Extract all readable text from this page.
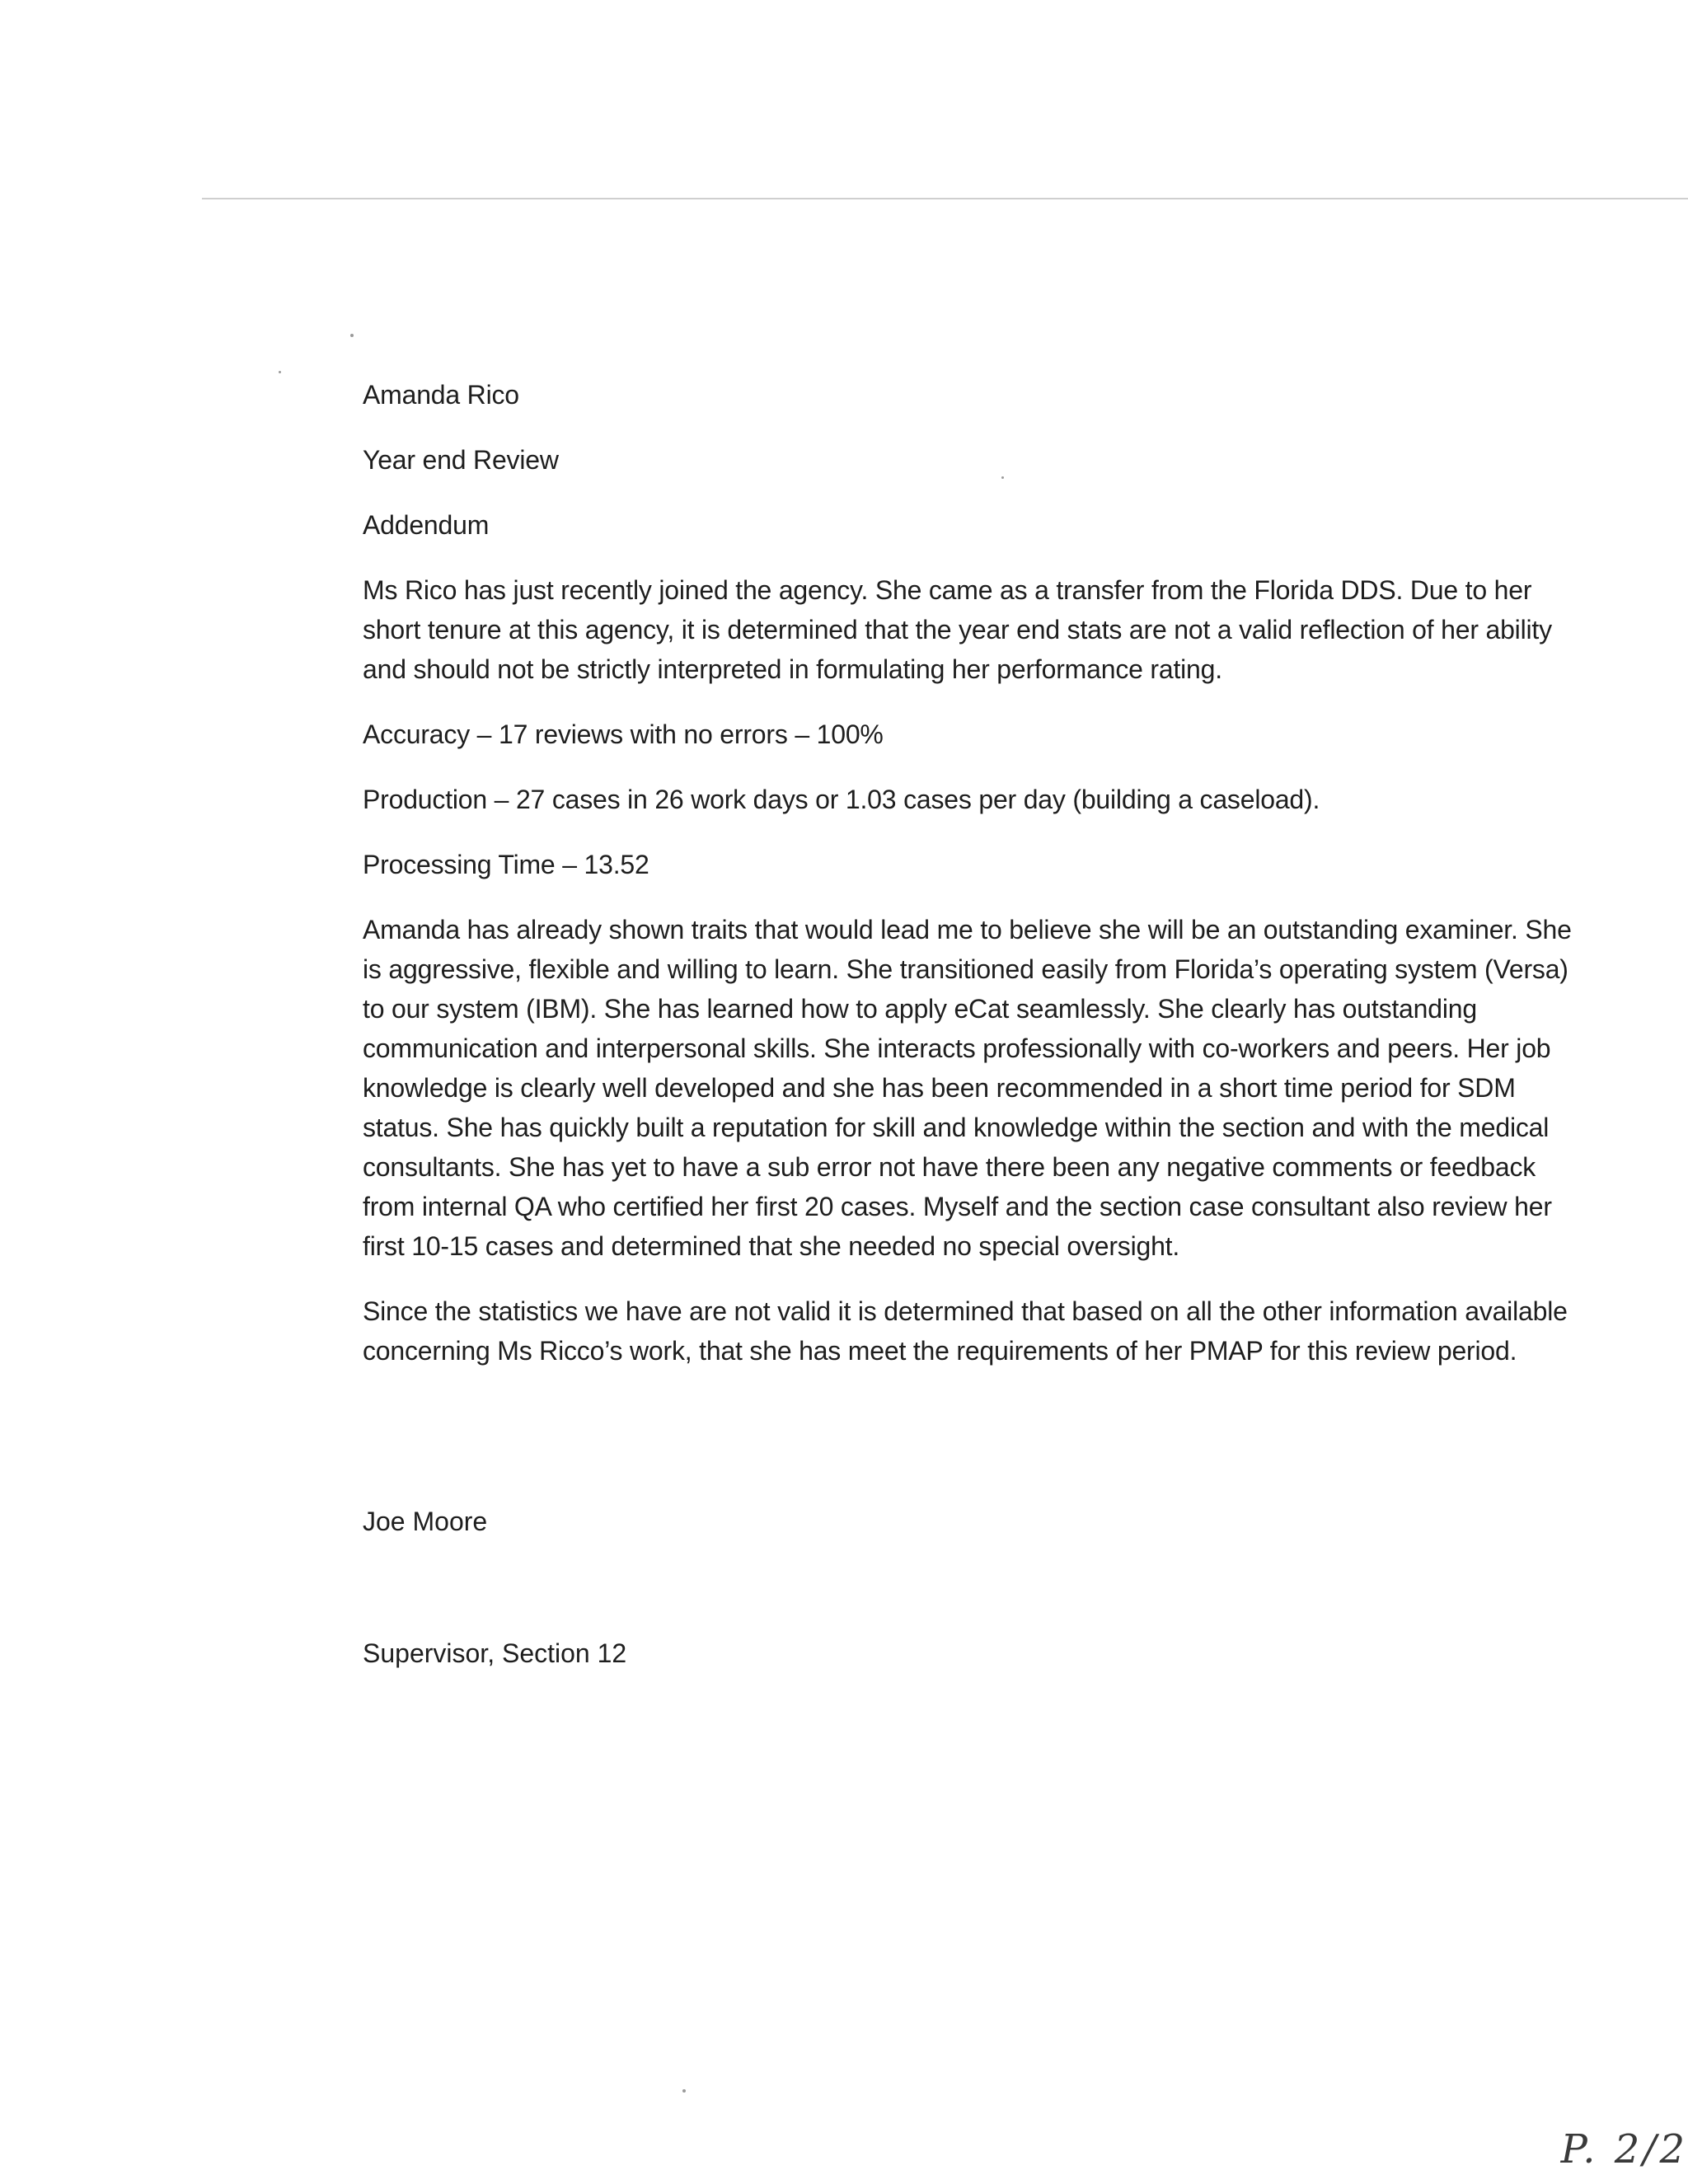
Amanda Rico

Year end Review

Addendum

Ms Rico has just recently joined the agency. She came as a transfer from the Florida DDS. Due to her short tenure at this agency, it is determined that the year end stats are not a valid reflection of her ability and should not be strictly interpreted in formulating her performance rating.

Accuracy – 17 reviews with no errors – 100%

Production – 27 cases in 26 work days or 1.03 cases per day (building a caseload).

Processing Time – 13.52

Amanda has already shown traits that would lead me to believe she will be an outstanding examiner. She is aggressive, flexible and willing to learn. She transitioned easily from Florida’s operating system (Versa) to our system (IBM). She has learned how to apply eCat seamlessly. She clearly has outstanding communication and interpersonal skills. She interacts professionally with co-workers and peers. Her job knowledge is clearly well developed and she has been recommended in a short time period for SDM status. She has quickly built a reputation for skill and knowledge within the section and with the medical consultants. She has yet to have a sub error not have there been any negative comments or feedback from internal QA who certified her first 20 cases. Myself and the section case consultant also review her first 10-15 cases and determined that she needed no special oversight.

Since the statistics we have are not valid it is determined that based on all the other information available concerning Ms Ricco’s work, that she has meet the requirements of her PMAP for this review period.

Joe Moore

Supervisor, Section 12

P. 2/2
